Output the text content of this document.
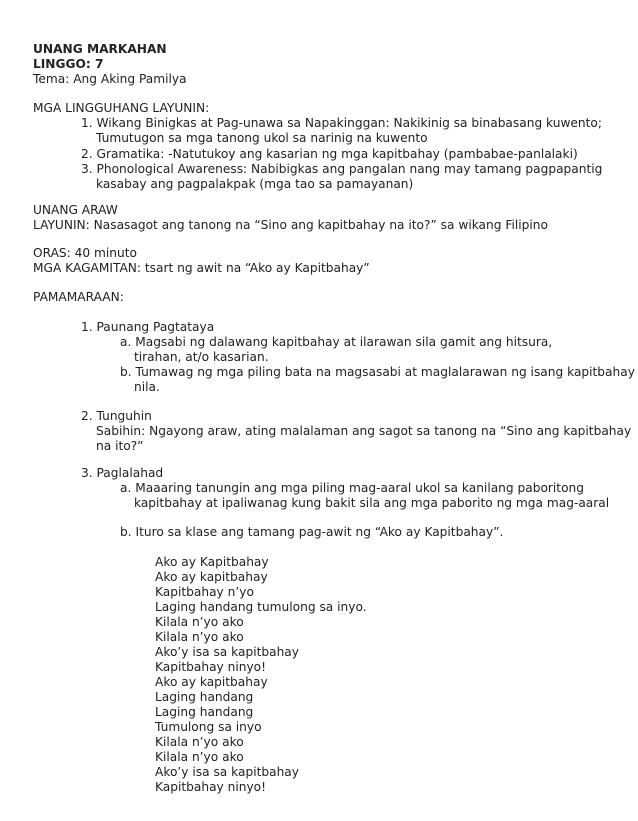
UNANG MARKAHAN
LINGGO: 7
Tema: Ang Aking Pamilya
MGA LINGGUHANG LAYUNIN:
1. Wikang Binigkas at Pag-unawa sa Napakinggan: Nakikinig sa binabasang kuwento;
Tumutugon sa mga tanong ukol sa narinig na kuwento
2. Gramatika: -Natutukoy ang kasarian ng mga kapitbahay (pambabae-panlalaki)
3. Phonological Awareness: Nabibigkas ang pangalan nang may tamang pagpapantig
kasabay ang pagpalakpak (mga tao sa pamayanan)
UNANG ARAW
LAYUNIN: Nasasagot ang tanong na “Sino ang kapitbahay na ito?” sa wikang Filipino
ORAS: 40 minuto
MGA KAGAMITAN: tsart ng awit na “Ako ay Kapitbahay”
PAMAMARAAN:
1. Paunang Pagtataya
a. Magsabi ng dalawang kapitbahay at ilarawan sila gamit ang hitsura,
tirahan, at/o kasarian.
b. Tumawag ng mga piling bata na magsasabi at maglalarawan ng isang kapitbahay
nila.
2. Tunguhin
Sabihin: Ngayong araw, ating malalaman ang sagot sa tanong na “Sino ang kapitbahay
na ito?”
3. Paglalahad
a. Maaaring tanungin ang mga piling mag-aaral ukol sa kanilang paboritong
kapitbahay at ipaliwanag kung bakit sila ang mga paborito ng mga mag-aaral
b. Ituro sa klase ang tamang pag-awit ng “Ako ay Kapitbahay”.
Ako ay Kapitbahay
Ako ay kapitbahay
Kapitbahay n’yo
Laging handang tumulong sa inyo.
Kilala n’yo ako
Kilala n’yo ako
Ako’y isa sa kapitbahay
Kapitbahay ninyo!
Ako ay kapitbahay
Laging handang
Laging handang
Tumulong sa inyo
Kilala n’yo ako
Kilala n’yo ako
Ako’y isa sa kapitbahay
Kapitbahay ninyo!
